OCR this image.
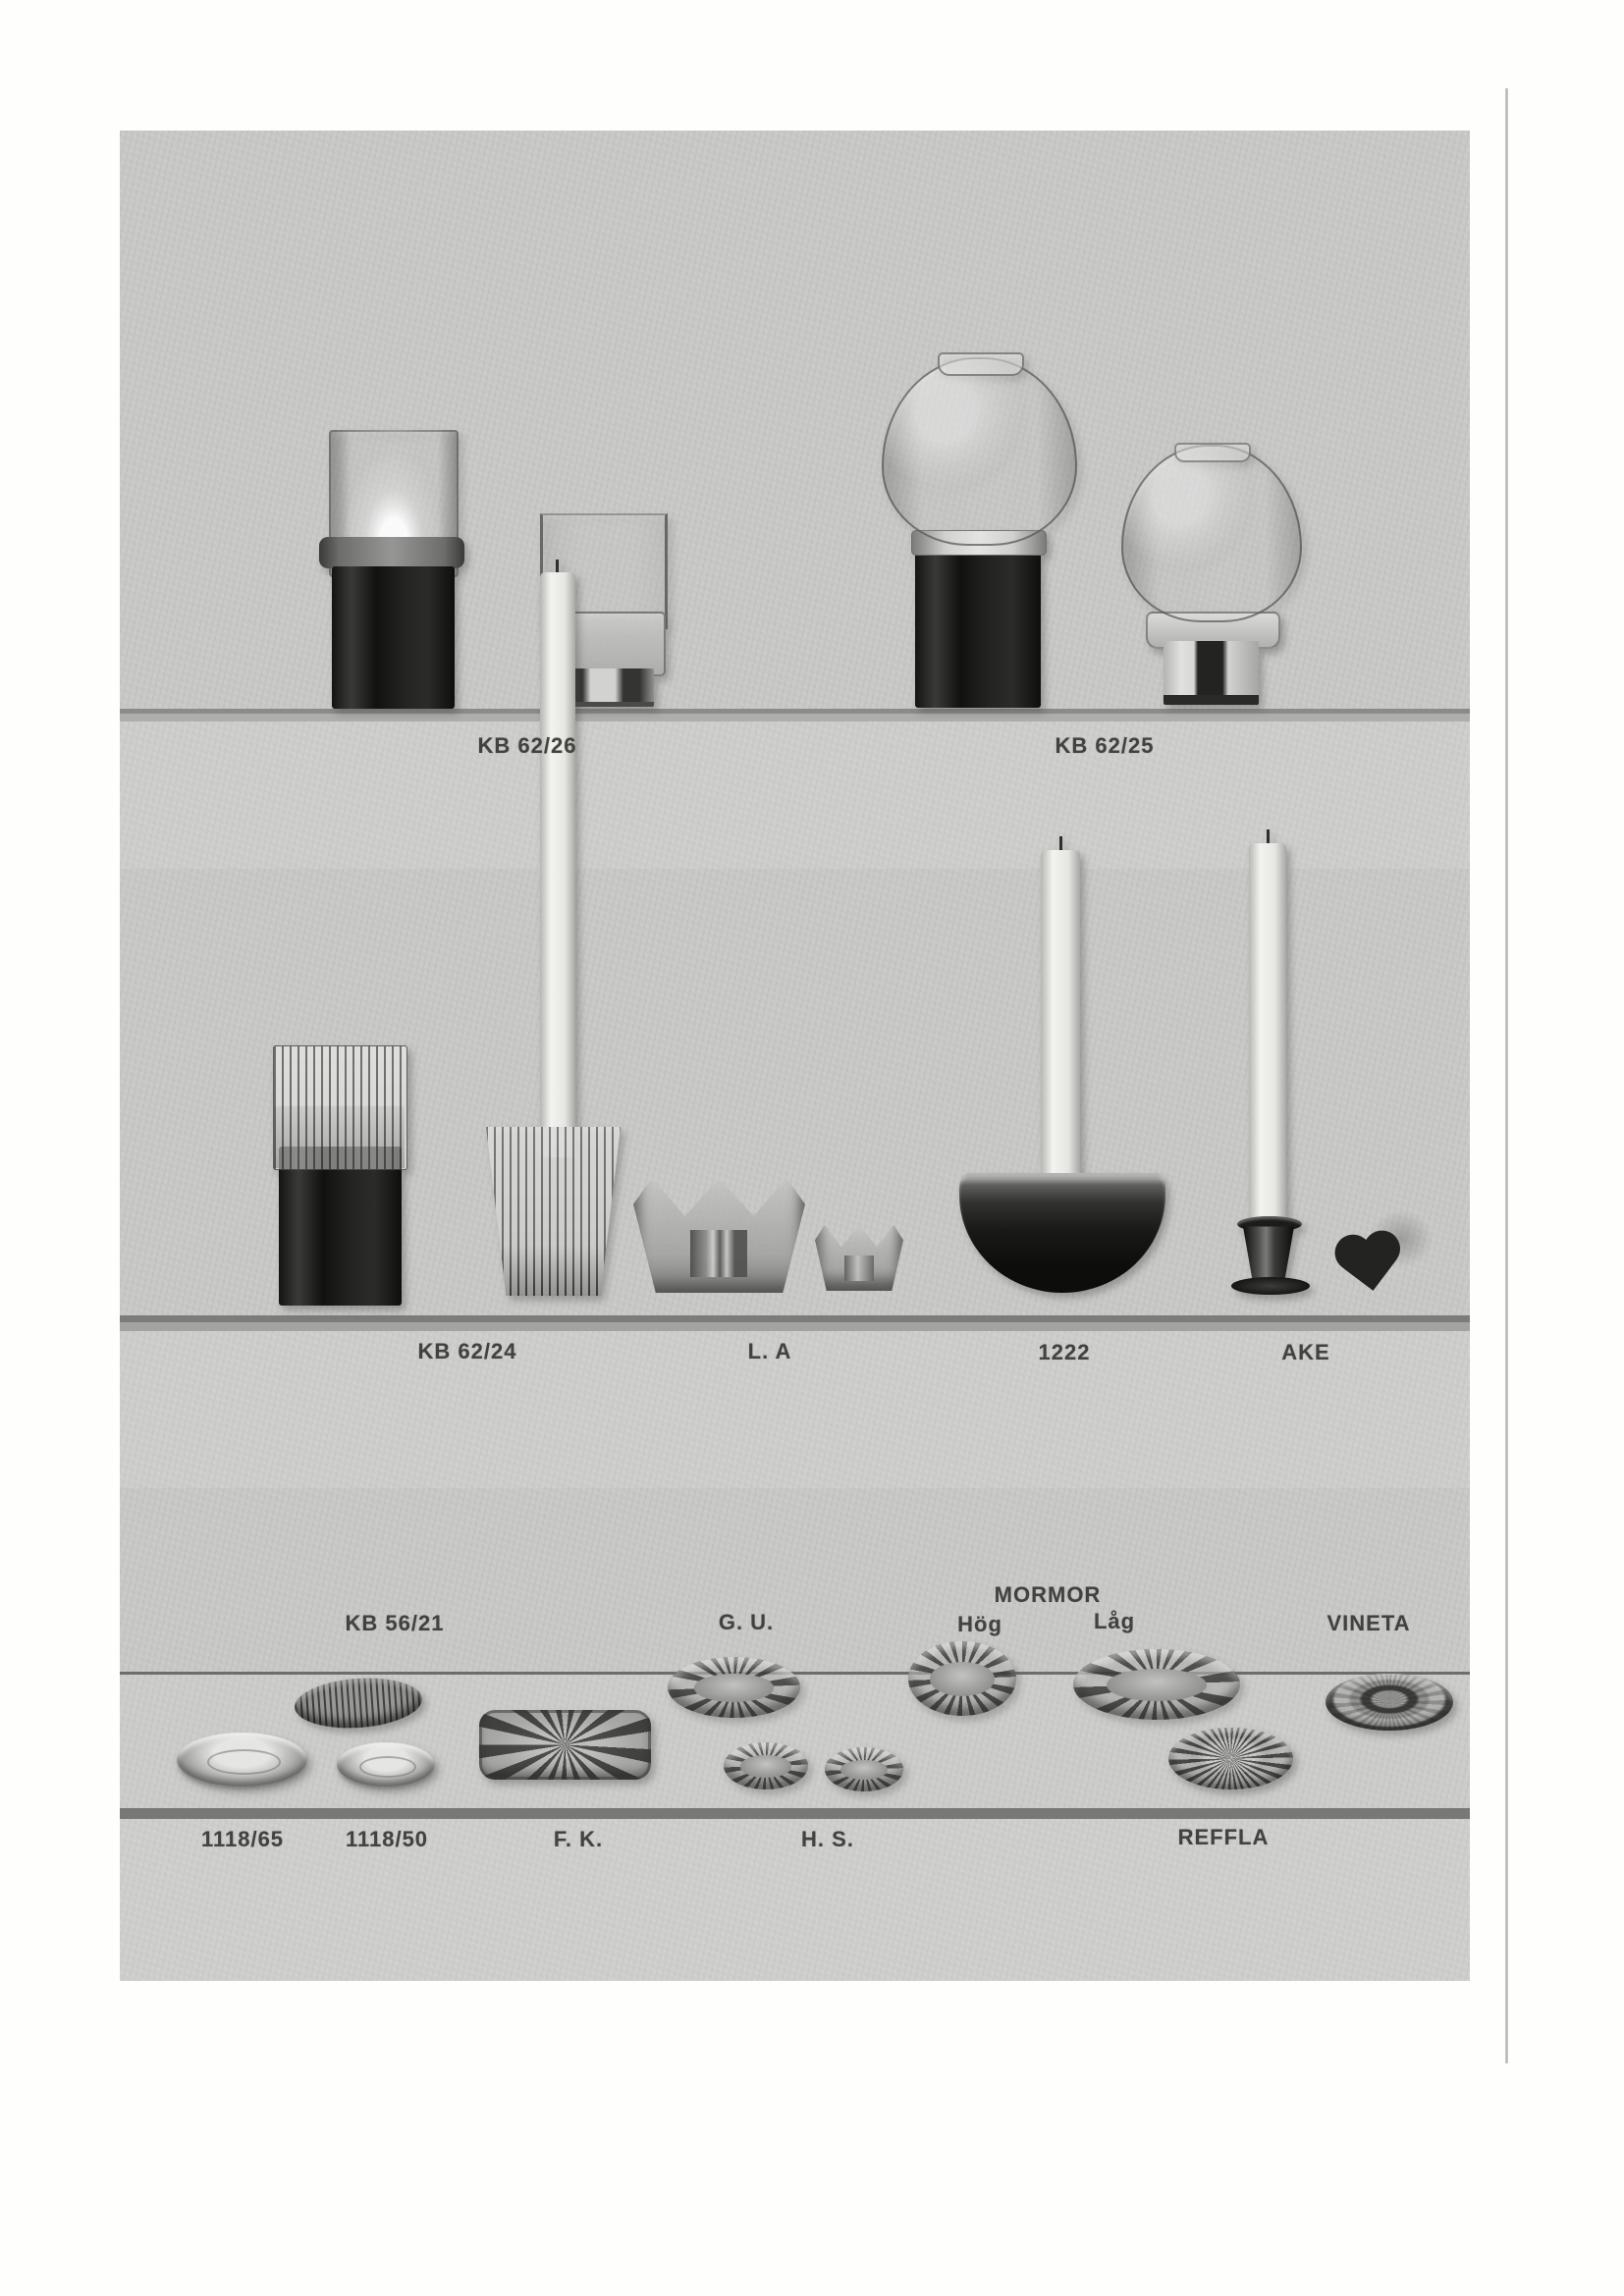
KB 62/26	KB 62/25
KB 62/24	L. A	1222	AKE
KB 56/21	G. U.
MORMOR
Hög	Låg	VINETA
1118/65	1118/50	F. K.	H. S.	REFFLA
